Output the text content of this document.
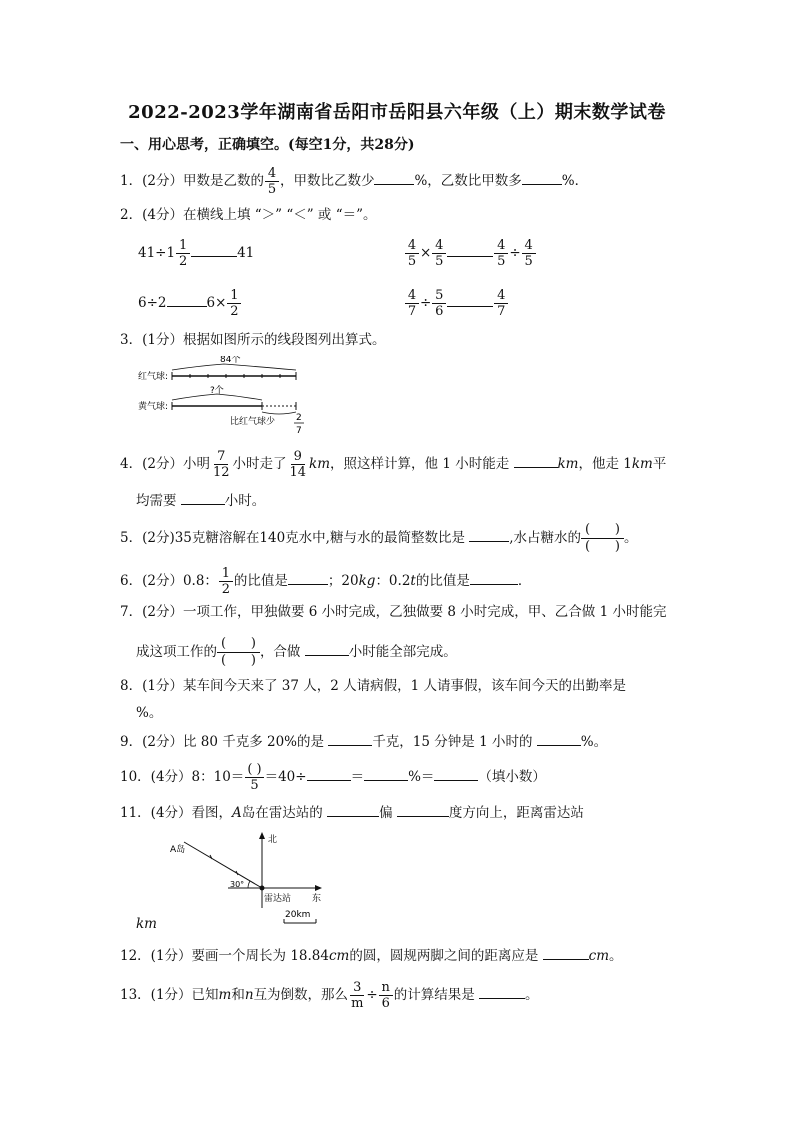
2022-2023学年湖南省岳阳市岳阳县六年级（上）期末数学试卷
一、用心思考，正确填空。(每空1分，共28分)
1．(2分）甲数是乙数的 $\frac{4}{5}$ ，甲数比乙数少	%，乙数比甲数多	%．
2．(4分）在横线上填 “＞” “＜” 或 “＝”。
$41\div 1 \frac{1}{2}$	41	$\frac{4}{5} \times \frac{4}{5}$	$\frac{4}{5} \div \frac{4}{5}$
6÷2	$6\times \frac{1}{2}$	$\frac{4}{7} \div \frac{5}{6}$	$\frac{4}{7}$
3．(1分）根据如图所示的线段图列出算式。
红气球:
黄气球:
84个
?个
比红气球少 2
7
4．(2分）小明 $\frac{7}{12}$ 小时走了 $\frac{9}{14}$ km，照这样计算，他 1 小时能走	km，他走 1km平
均需要	小时。
5．(2分)35克糖溶解在140克水中,糖与水的最简整数比是	,水占糖水的
(      )
(      )
。
6．(2分）0.8： $\frac{1}{2}$ 的比值是	；20kg：0.2t的比值是	．
7．(2分）一项工作，甲独做要 6 小时完成，乙独做要 8 小时完成，甲、乙合做 1 小时能完
成这项工作的
(      )
(      )
，合做	小时能全部完成。
8．(1分）某车间今天来了 37 人，2 人请病假，1 人请事假，该车间今天的出勤率是
%。
9．(2分）比 80 千克多 20%的是	千克，15 分钟是 1 小时的	%。
10．(4分）8：$10= \frac{( )}{5} =40\div$	＝	%＝	（填小数）
11．(4分）看图，A岛在雷达站的	偏	度方向上，距离雷达站
北
A岛
30°
雷达站 东
20km
km
12．(1分）要画一个周长为 18.84cm的圆，圆规两脚之间的距离应是	cm。
13．(1分）已知m和n互为倒数，那么 $\frac{3}{m} \div \frac{n}{6}$ 的计算结果是	。
